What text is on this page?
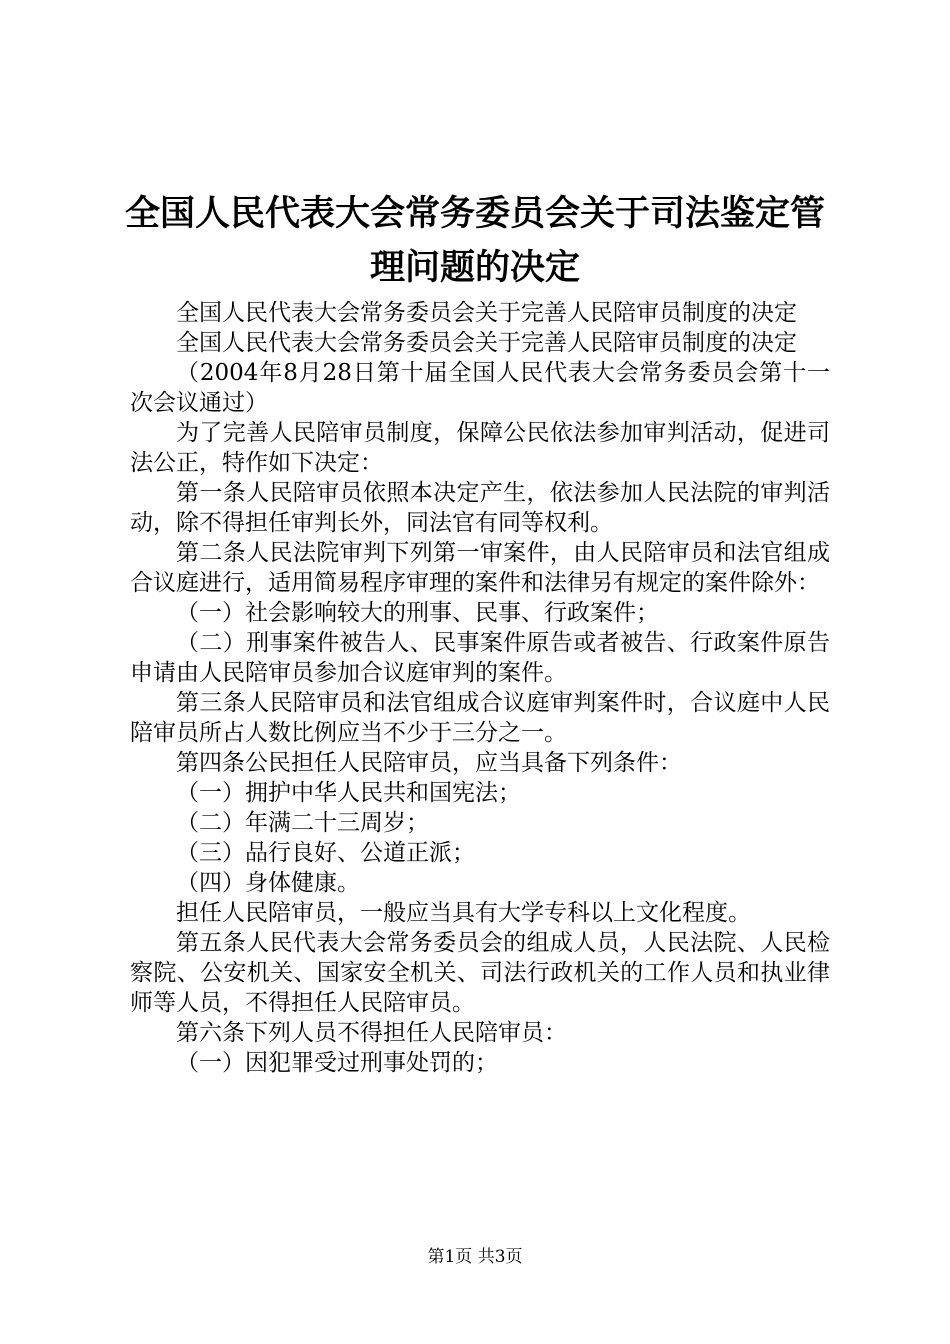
全国人民代表大会常务委员会关于司法鉴定管
理问题的决定

全国人民代表大会常务委员会关于完善人民陪审员制度的决定

全国人民代表大会常务委员会关于完善人民陪审员制度的决定

（2004年8月28日第十届全国人民代表大会常务委员会第十一次会议通过）

为了完善人民陪审员制度，保障公民依法参加审判活动，促进司法公正，特作如下决定：

第一条人民陪审员依照本决定产生，依法参加人民法院的审判活动，除不得担任审判长外，同法官有同等权利。

第二条人民法院审判下列第一审案件，由人民陪审员和法官组成合议庭进行，适用简易程序审理的案件和法律另有规定的案件除外：

（一）社会影响较大的刑事、民事、行政案件；

（二）刑事案件被告人、民事案件原告或者被告、行政案件原告申请由人民陪审员参加合议庭审判的案件。

第三条人民陪审员和法官组成合议庭审判案件时，合议庭中人民陪审员所占人数比例应当不少于三分之一。

第四条公民担任人民陪审员，应当具备下列条件：

（一）拥护中华人民共和国宪法；

（二）年满二十三周岁；

（三）品行良好、公道正派；

（四）身体健康。

担任人民陪审员，一般应当具有大学专科以上文化程度。

第五条人民代表大会常务委员会的组成人员，人民法院、人民检察院、公安机关、国家安全机关、司法行政机关的工作人员和执业律师等人员，不得担任人民陪审员。

第六条下列人员不得担任人民陪审员：

（一）因犯罪受过刑事处罚的；

第1页 共3页
